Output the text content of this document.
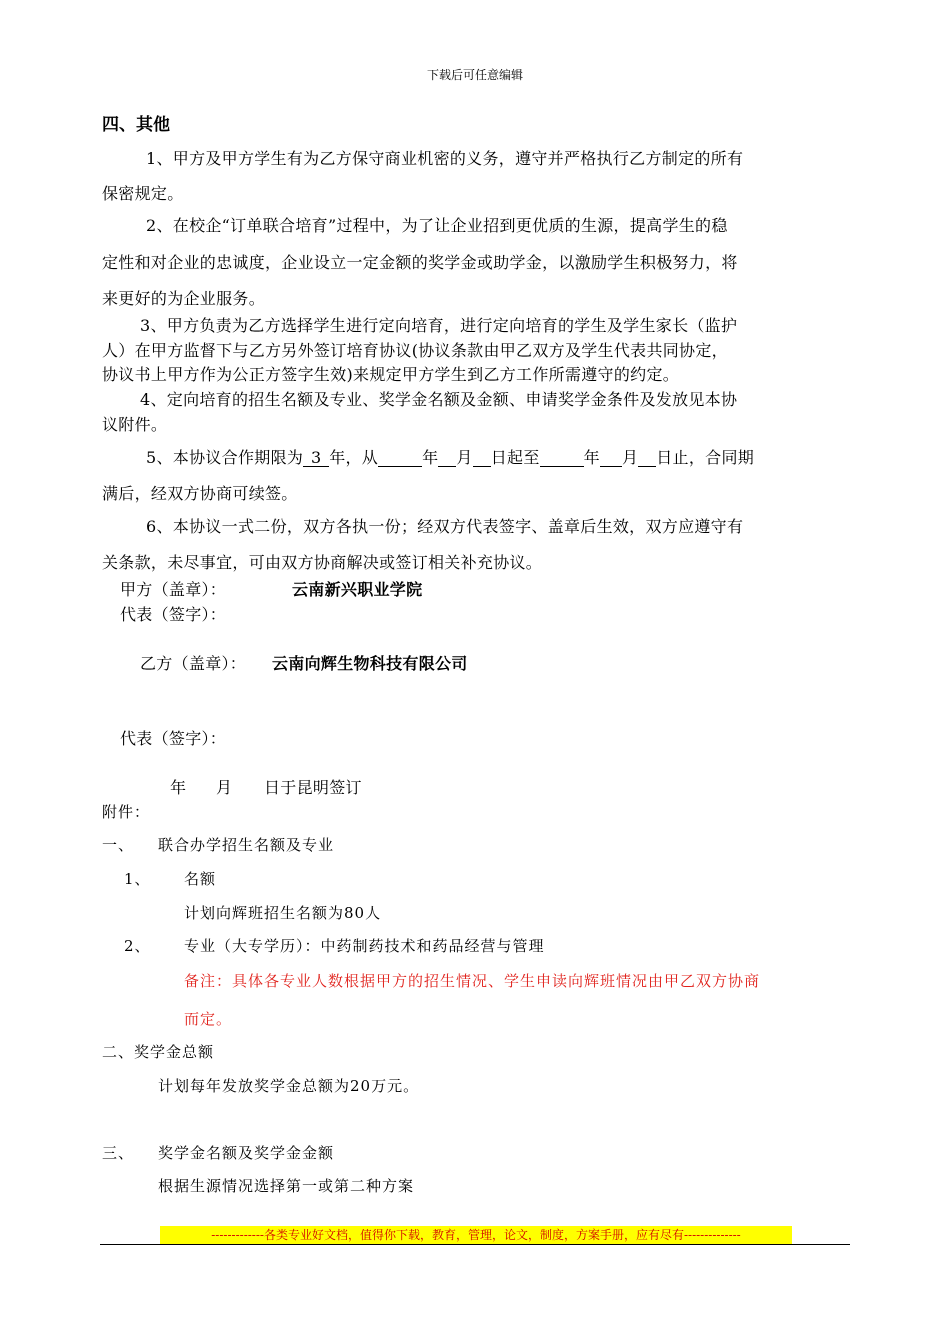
下载后可任意编辑
四、其他
1、甲方及甲方学生有为乙方保守商业机密的义务，遵守并严格执行乙方制定的所有
保密规定。
2、在校企“订单联合培育”过程中，为了让企业招到更优质的生源，提高学生的稳
定性和对企业的忠诚度，企业设立一定金额的奖学金或助学金，以激励学生积极努力，将
来更好的为企业服务。
3、甲方负责为乙方选择学生进行定向培育，进行定向培育的学生及学生家长（监护
人）在甲方监督下与乙方另外签订培育协议(协议条款由甲乙双方及学生代表共同协定，
协议书上甲方作为公正方签字生效)来规定甲方学生到乙方工作所需遵守的约定。
4、定向培育的招生名额及专业、奖学金名额及金额、申请奖学金条件及发放见本协
议附件。
5、本协议合作期限为 3 年，从	年 月 日起至	年 月 日止，合同期
满后，经双方协商可续签。
6、本协议一式二份，双方各执一份；经双方代表签字、盖章后生效，双方应遵守有
关条款，未尽事宜，可由双方协商解决或签订相关补充协议。
甲方（盖章）：	云南新兴职业学院
代表（签字）：
乙方（盖章）： 云南向辉生物科技有限公司
代表（签字）：
年 月 日于昆明签订
附件：
一、 联合办学招生名额及专业
1、 名额
计划向辉班招生名额为80人
2、 专业（大专学历）：中药制药技术和药品经营与管理
备注：具体各专业人数根据甲方的招生情况、学生申读向辉班情况由甲乙双方协商
而定。
二、奖学金总额
计划每年发放奖学金总额为20万元。
三、 奖学金名额及奖学金金额
根据生源情况选择第一或第二种方案
-------------各类专业好文档，值得你下载，教育，管理，论文，制度，方案手册，应有尽有--------------
